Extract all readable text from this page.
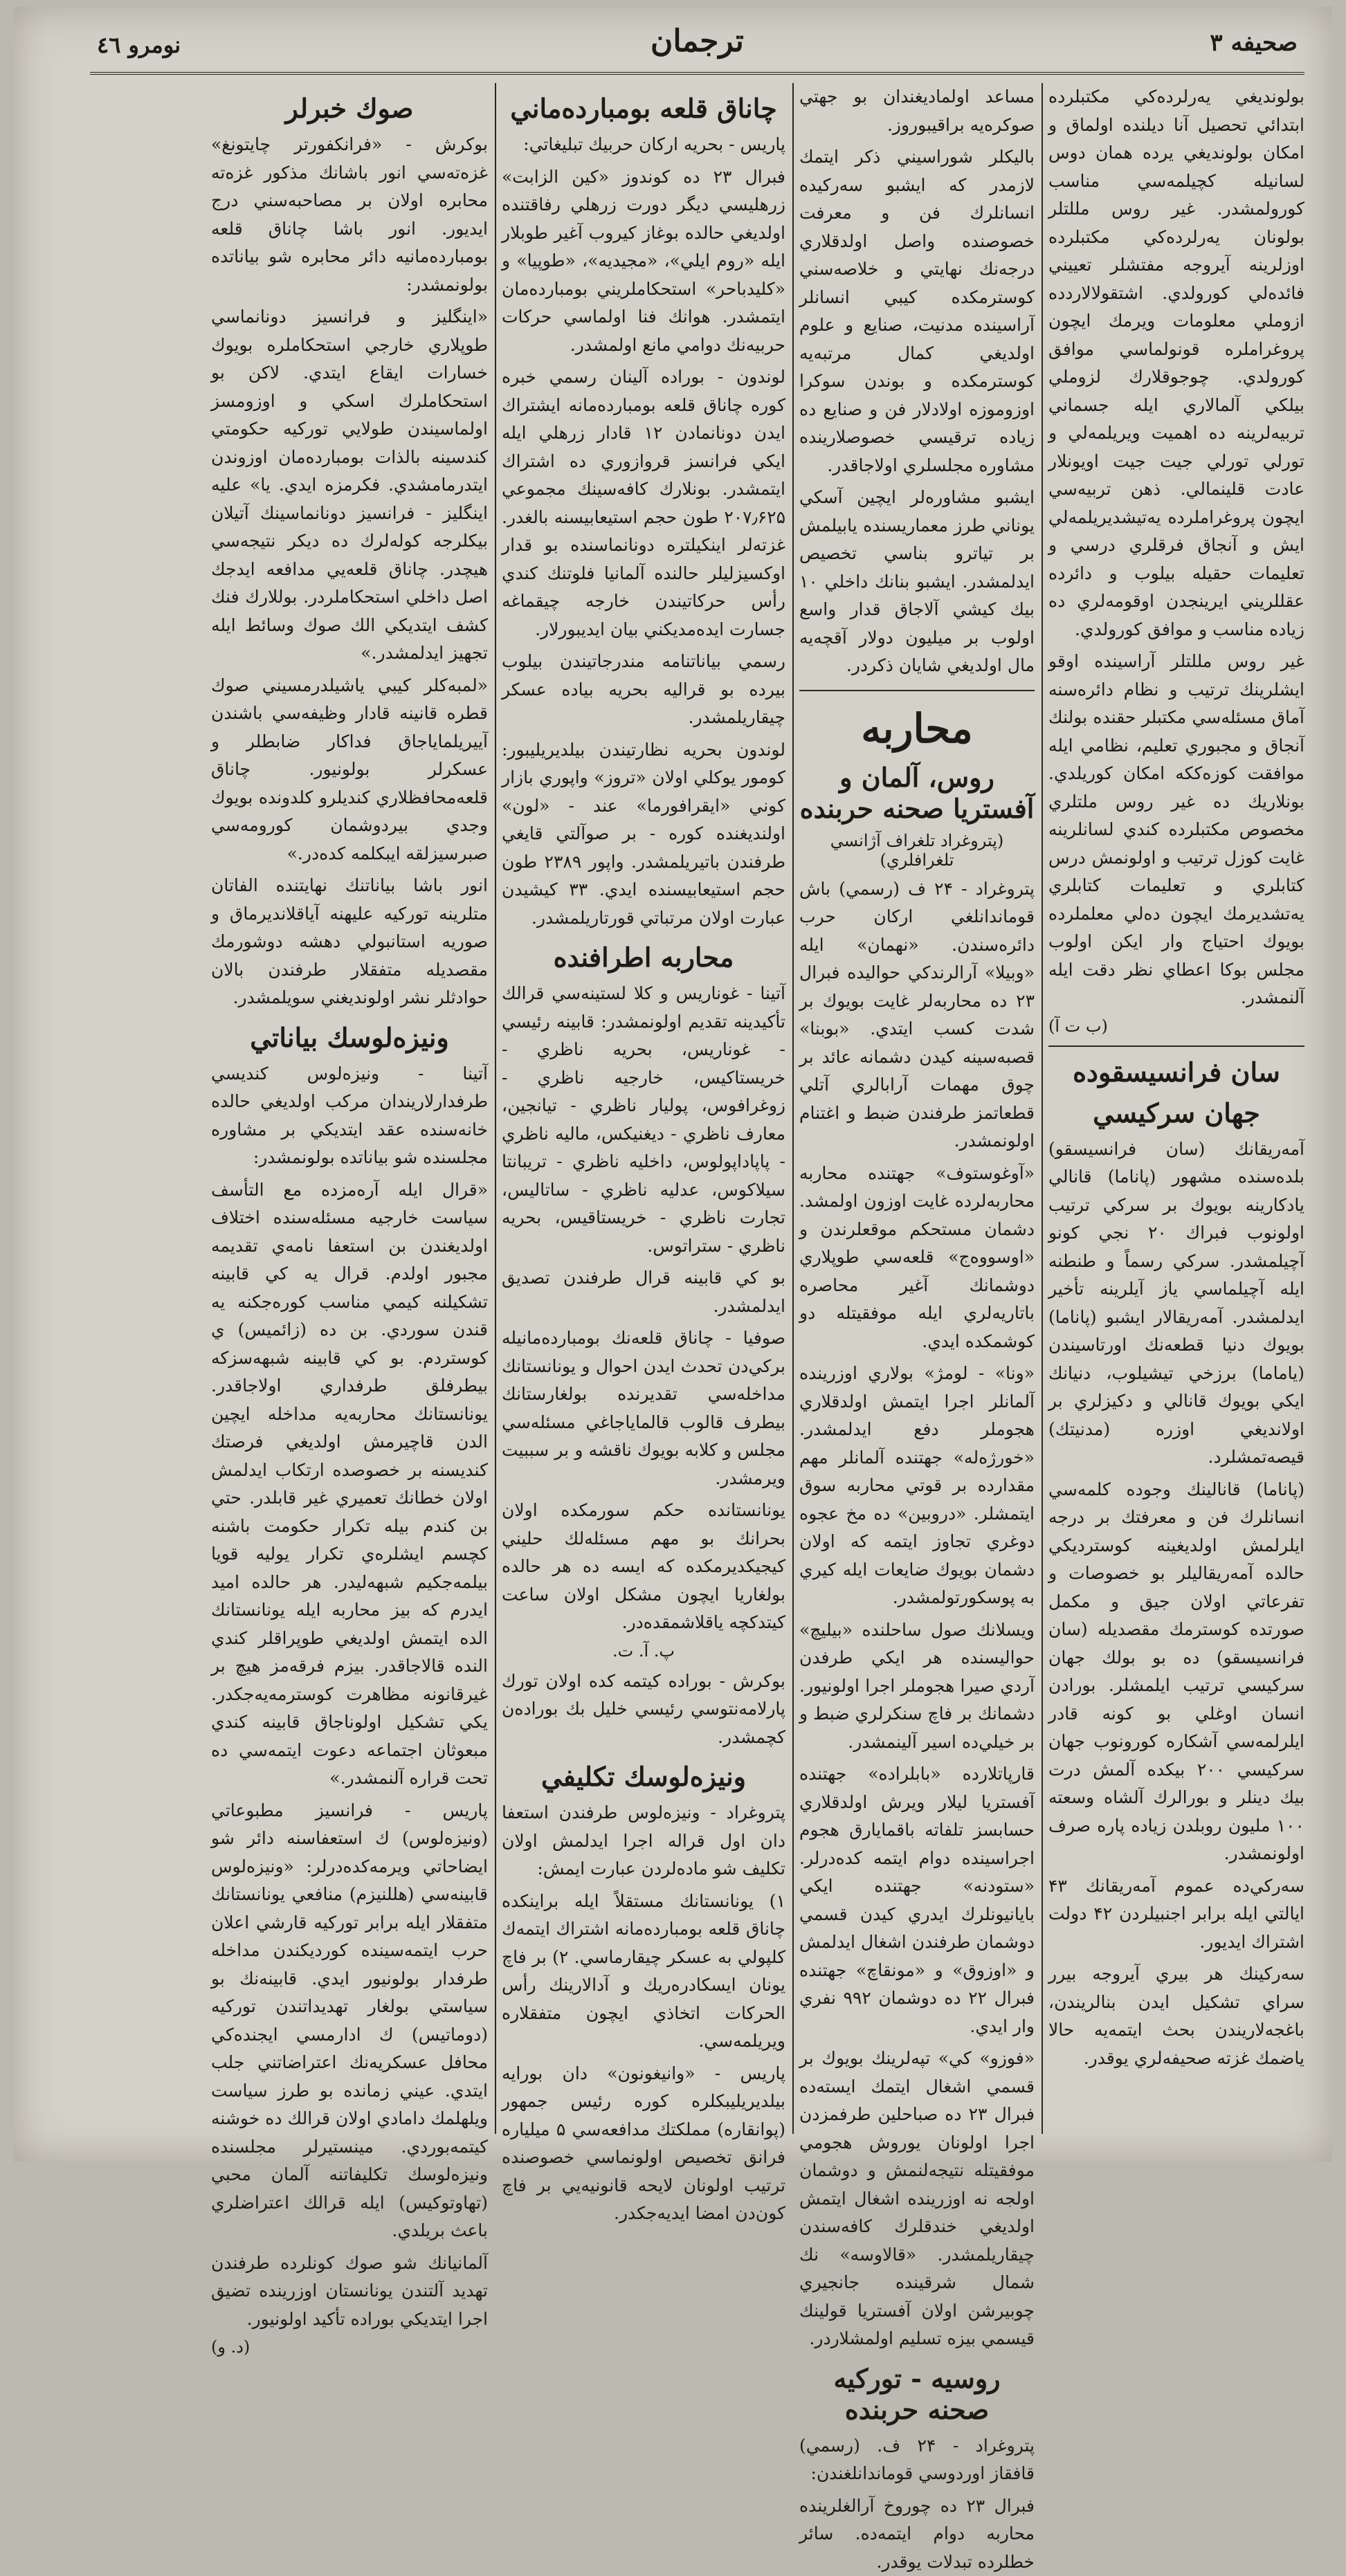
صحيفه ٣
ترجمان
نومرو ٤٦

بولونديغي يه‌رلرده‌كي مكتبلرده ابتدائي تحصيل آنا ديلنده اولماق و امكان بولونديغي يرده همان دوس لسانيله كچيلمه‌سي مناسب كورولمشدر. غير روس مللتلر بولونان يه‌رلرده‌كي مكتبلرده اوزلرينه آيروجه مفتشلر تعييني فائده‌لي كورولدي. اشتقولالاردده ازوملي معلومات ويرمك ايچون پروغراملره قونولماسي موافق كورولدي. چوجوقلارك لزوملي بيلكي آلمالاري ايله جسماني تربيه‌لرينه ده اهميت ويريلمه‌لي و تورلي تورلي جيت جيت اويونلار عادت قلينمالي. ذهن تربيه‌سي ايچون پروغراملرده يه‌تيشديريلمه‌لي ايش و آنجاق فرقلري درسي و تعليمات حقيله بيلوب و دائرده عقللريني ايرينجدن اوقومه‌لري ده زياده مناسب و موافق كورولدي.

غير روس مللتلر آراسينده اوقو ايشلرينك ترتيب و نظام دائره‌سنه آماق مسئله‌سي مكتبلر حقنده بولنك آنجاق و مجبوري تعليم، نظامي ايله موافقت كوزه‌ككه امكان كوريلدي. بونلاريك ده غير روس ملتلري مخصوص مكتبلرده كندي لسانلرينه غايت كوزل ترتيب و اولونمش درس كتابلري و تعليمات كتابلري يه‌تشديرمك ايچون ده‌لي معلملرده بويوك احتياج وار ايكن اولوب مجلس بوكا اعطاي نظر دقت ايله آلنمشدر.

(ب ت آ)
سان فرانسيسقوده
جهان سركيسي

آمه‌ريقانك (سان فرانسيسقو) بلده‌سنده مشهور (پاناما) قانالي يادكارينه بويوك بر سركي ترتيب اولونوب فبراك ٢٠ نجي كونو آچيلمشدر. سركي رسماً و طنطنه ايله آچيلماسي ياز آيلرينه تأخير ايدلمشدر. آمه‌ريقالار ايشبو (پاناما) بويوك دنيا قطعه‌نك اورتاسيندن (ياماما) برزخي تيشيلوب، دنيانك ايكي بويوك قانالي و دكيزلري بر اولانديغي اوزره (مدنيتك) قيصه‌تمشلرد.

(پاناما) قانالينك وجوده كلمه‌سي انسانلرك فن و معرفتك بر درجه ايلرلمش اولديغينه كوسترديكي حالده آمه‌ريقاليلر بو خصوصات و تفرعاتي اولان جيق و مكمل صورتده كوسترمك مقصديله (سان فرانسيسقو) ده بو بولك جهان سركيسي ترتيب ايلمشلر. بورادن انسان اوغلي بو كونه قادر ايلرلمه‌سي آشكاره كورونوب جهان سركيسي ۲۰۰ بيكده آلمش درت بيك دينلر و بورالرك آلشاه وسعته ۱۰۰ مليون روبلدن زياده پاره صرف اولونمشدر.

سه‌ركي‌ده عموم آمه‌ريقانك ۴۳ ايالتي ايله برابر اجنبيلردن ۴۲ دولت اشتراك ايديور.

سه‌ركينك هر بيري آيروجه بيرر سراي تشكيل ايدن بنالريندن، باغجه‌لاريندن بحث ايتمه‌يه حالا ياضمك غزته صحيفه‌لري يوقدر.

مساعد اولماديغندان بو جهتي صوكره‌يه براقيبوروز.

باليكلر شوراسيني ذكر ايتمك لازمدر كه ايشبو سه‌ركيده انسانلرك فن و معرفت خصوصنده واصل اولدقلاري درجه‌نك نهايتي و خلاصه‌سني كوسترمكده كيبي انسانلر آراسينده مدنيت، صنايع و علوم اولديغي كمال مرتبه‌يه كوسترمكده و بوندن سوكرا اوزوموزه اولادلار فن و صنايع ده زياده ترقيسي خصوصلارينده مشاوره مجلسلري اولاجاقدر.

ايشبو مشاوره‌لر ايچين آسكي يوناني طرز معماريسنده يابيلمش بر تياترو بناسي تخصيص ايدلمشدر. ايشبو بنانك داخلي ۱۰ بيك كيشي آلاجاق قدار واسع اولوب بر ميليون دولار آقچه‌يه مال اولديغي شايان ذكردر.

محاربه
روس، آلمان و آفستريا صحنه حربنده
(پتروغراد تلغراف آژانسي تلغرافلري)

پتروغراد - ۲۴ ف (رسمي) باش قوماندانلغي اركان حرب دائره‌سندن. «نهمان» ايله «وبيلا» آرالرندكي حواليده فبرال ۲۳ ده محاربه‌لر غايت بويوك بر شدت كسب ايتدي. «بوبنا» قصبه‌سينه كيدن دشمانه عائد بر چوق مهمات آرابالري آتلي قطعاتمز طرفندن ضبط و اغتنام اولونمشدر.

«آوغوستوف» جهتنده محاربه محاربه‌لرده غايت اوزون اولمشد. دشمان مستحكم موقعلرندن و «اوسووه‌ج» قلعه‌سي طوپلاري دوشمانك آغير محاصره باتاريه‌لري ايله موفقيتله دو كوشمكده ايدي.

«ونا» - لومژ» بولاري اوزرينده آلمانلر اجرا ايتمش اولدقلاري هجوملر دفع ايدلمشدر. «خورژه‌له» جهتنده آلمانلر مهم مقدارده بر قوتي محاربه سوق ايتمشلر. «دروبين» ده مخ عجوه دوغري تجاوز ايتمه كه اولان دشمان بويوك ضايعات ايله كيري به پوسكورتولمشدر.

ويسلانك صول ساحلنده «بيليچ» حواليسنده هر ايكي طرفدن آردي صيرا هجوملر اجرا اولونيور. دشمانك بر فاچ سنكرلري ضبط و بر خيلي‌ده اسير آلينمشدر.

قارپاتلارده «بابلراده» جهتنده آفستريا ليلار ويرش اولدقلاري حسابسز تلفاته باقمايارق هجوم اجراسينده دوام ايتمه كده‌درلر. «ستودنه» جهتنده ايكي بايانيونلرك ايدري كيدن قسمي دوشمان طرفندن اشغال ايدلمش و «اوزوق» و «مونقاچ» جهتنده فبرال ۲۲ ده دوشمان ۹۹۲ نفري وار ايدي.

«فوزو» كي» تپه‌لرينك بويوك بر قسمي اشغال ايتمك ايسته‌ده فبرال ۲۳ ده صباحلين طرفمزدن اجرا اولونان يوروش هجومي موفقيتله نتيجه‌لنمش و دوشمان اولجه نه اوزرينده اشغال ايتمش اولديغي خندقلرك كافه‌سندن چيقاريلمشدر. «قالاوسه» نك شمال شرقينده جانجيري چوبيرشن اولان آفستريا قولينك قيسمي بيزه تسليم اولمشلاردر.

روسيه - توركيه صحنه حربنده

پتروغراد - ۲۴ ف. (رسمي) قافقاز اوردوسي قوماندانلغندن:

فبرال ۲۳ ده چوروخ آرالغلرينده محار‌به دوام ايتمه‌ده. سائر خطلرده تبدلات يوقدر.

چاناق قلعه بومبارده‌ماني

پاريس - بحريه اركان حربيك تبليغاتي:

فبرال ۲۳ ده كوندوز «كين الزابت» زرهليسي ديگر دورت زرهلي رفاقتنده اولديغي حالده بوغاز كيروب آغير طوبلار ايله «روم ايلي»، «مجيديه»، «طوپيا» و «كليدباحر» استحكاملريني بومبارده‌مان ايتمشدر. هوانك فنا اولماسي حركات حربيه‌نك دوامي مانع اولمشدر.

لوندون - بوراده آلينان رسمي خبره كوره چاناق قلعه بومبارده‌مانه ايشتراك ايدن دونانمادن ۱۲ قادار زرهلي ايله ايكي فرانسز قروازوري ده اشتراك ايتمشدر. بونلارك كافه‌سينك مجموعي ۲۰۷٫۶۲۵ طون حجم استيعابيسنه بالغدر. غزته‌لر اينكيلتره دونانماسنده بو قدار اوكسيزليلر حالنده آلمانيا فلوتنك كندي رأس حركاتيندن خارجه چيقماغه جسارت ايده‌مديكني بيان ايديبورلار.

رسمي بياناتنامه مندرجاتيندن بيلوب بيرده بو قراليه بحريه بياده عسكر چيقاريلمشدر.

لوندون بحريه نظارتيندن بيلديريليبور: كومور يوكلي اولان «تروز» واپوري بازار كوني «ايقرافورما» عند - «لون» اولنديغنده كوره - بر صوآلتي قايغي طرفندن باتيريلمشدر. واپور ۲۳۸۹ طون حجم استيعابيسنده ايدي. ۳۳ كيشيدن عبارت اولان مرتباتي قورتاريلمشدر.

محاربه اطرافنده

آتينا - غوناريس و كلا لستينه‌سي قرالك تأكيدينه تقديم اولونمشدر: قابينه رئيسي - غوناريس، بحريه ناظري - خريستاكيس، خارجيه ناظري - زوغرافوس، پوليار ناظري - تيانجين، معارف ناظري - ديغنيكس، ماليه ناظري - پاپاداپولوس، داخليه ناظري - تريبانتا سيلاكوس، عدليه ناظري - ساتاليس، تجارت ناظري - خريستاقيس، بحريه ناظري - ستراتوس.

بو كي قابينه قرال طرفندن تصديق ايدلمشدر.

صوفيا - چاناق قلعه‌نك بومبارده‌مانيله بركي‌دن تحدث ايدن احوال و يونانستانك مداخله‌سي تقديرنده بولغارستانك بيطرف قالوب قالماياجاغي مسئله‌سي مجلس و كلابه بويوك ناقشه و بر سببيت ويرمشدر.

يونانستانده حكم سورمكده اولان بحرانك بو مهم مسئله‌لك حليني كيجيكديرمكده كه ايسه ده هر حالده بولغاريا ايچون مشكل اولان ساعت كيتدكچه ياقلاشمقده‌در.

پ. آ. ت.

بوكرش - بوراده كيتمه كده اولان تورك پارلامه‌نتوسي رئيسي خليل بك بوراده‌ن كچمشدر.

ونيزه‌لوسك تكليفي

پتروغراد - ونيزه‌لوس طرفندن استعفا دان اول قراله اجرا ايدلمش اولان تكليف شو ماده‌لردن عبارت ايمش:

۱) يونانستانك مستقلاً ايله براينكده چاناق قلعه بومبارده‌مانه اشتراك ايتمه‌ك كلپولي به عسكر چيقارماسي. ۲) بر فاچ يونان ايسكادره‌ريك و آدالارينك رأس الحركات اتخاذي ايچون متفقلاره ويريلمه‌سي.

پاريس - «وانيغونون» دان بورايه بيلديريليبكلره كوره رئيس جمهور (پوانقاره) مملكتك مدافعه‌سي ۵ ميلياره فرانق تخصيص اولونماسي خصوصنده ترتيب اولونان لايحه قانونيه‌يي بر فاچ كون‌دن امضا ايديه‌جكدر.

صوك خبرلر

بوكرش - «فرانكفورتر چايتونغ» غزه‌ته‌سي انور باشانك مذكور غزه‌ته محابره اولان بر مصاحبه‌سني درج ايديور. انور باشا چاناق قلعه بومبارده‌مانيه دائر محابره شو بياناتده بولونمشدر:

«اينگليز و فرانسيز دونانماسي طوپلاري خارجي استحكاملره بويوك خسارات ايقاع ايتدي. لاكن بو استحكاملرك اسكي و اوزومسز اولماسيندن طولايي توركيه حكومتي كندسينه بالذات بومبارده‌مان اوزوندن ايتدرمامشدي. فكرمزه ايدي. يا» عليه اينگليز - فرانسيز دونانماسينك آتيلان بيكلرجه كوله‌لرك ده ديكر نتيجه‌سي هيچدر. چاناق قلعه‌يي مدافعه ايدجك اصل داخلي استحكاملردر. بوللارك فنك كشف ايتديكي الك صوك وسائط ايله تجهيز ايدلمشدر.»

«لمبه‌كلر كيبي ياشيلدرمسيني صوك قطره قانينه قادار وظيفه‌سي باشندن آييريلماياجاق فداكار ضابطلر و عسكرلر بولونيور. چاناق قلعه‌محافظلاري كنديلرو كلدونده بويوك وجدي بيردوشمان كورومه‌سي صبرسيزلقه ايبكلمه كده‌در.»

انور باشا بياناتنك نهايتنده الفاتان متلرينه توركيه عليهنه آياقلانديرماق و صوريه استانبولي دهشه دوشورمك مقصديله متفقلار طرفندن بالان حوادثلر نشر اولونديغني سويلمشدر.

ونيزه‌لوسك بياناتي

آتينا - ونيزه‌لوس كنديسي طرفدارلاريندان مرکب اولديغي حالده خانه‌سنده عقد ايتديكي بر مشاوره مجلسنده شو بياناتده بولونمشدر:

«قرال ايله آره‌مزده مع التأسف سياست خارجيه مسئله‌سنده اختلاف اولديغندن بن استعفا نامه‌ي تقديمه مجبور اولدم. قرال يه كي قابينه تشكيلنه كيمي مناسب كوره‌جكنه يه قندن سوردي. بن ده (زائميس) ي كوستردم. بو كي قابينه شبهه‌سزكه بيطرفلق طرفداري اولاجاقدر. يونانستانك محاربه‌يه مداخله ايچين الدن قاچيرمش اولديغي فرصتك كنديسنه بر خصوصده ارتكاب ايدلمش اولان خطانك تعميري غير قابلدر. حتي بن كندم بيله تكرار حكومت باشنه كچسم ايشلره‌ي تكرار يوليه قويا بيلمه‌جكيم شبهه‌ليدر. هر حالده اميد ايدرم كه بيز محاربه ايله يونانستانك الده ايتمش اولديغي طوپراقلر كندي النده قالاجاقدر. بيزم فرقه‌مز هيچ بر غيرقانونه مظاهرت كوسترمه‌يه‌جكدر. يكي تشكيل اولوناجاق قابينه كندي مبعوثان اجتماعه دعوت ايتمه‌سي ده تحت قراره آلنمشدر.»

پاريس - فرانسيز مطبوعاتي (ونيزه‌لوس) ك استعفاسنه دائر شو ايضاحاتي ويرمه‌كده‌درلر: «ونيزه‌لوس قابينه‌سي (هللنيزم) منافعي يونانستانك متفقلار ايله برابر توركيه قارشي اعلان حرب ايتمه‌سينده كورديكندن مداخله طرفدار بولونيور ايدي. قابينه‌نك بو سياستي بولغار تهديداتندن توركيه (دوماتيس) ك ادارمسي ايجنده‌كي محافل عسكريه‌نك اعتراضاتني جلب ايتدي. عيني زمانده بو طرز سياست ويلهلمك دامادي اولان قرالك ده خوشنه كيتمه‌بوردي. مينستيرلر مجلسنده ونيزه‌لوسك تكليفاتنه آلمان محبي (تهاوتوكيس) ايله قرالك اعتراضلري باعث بريلدي.

آلمانيانك شو صوك كونلرده طرفندن تهديد آلتندن يونانستان اوزرينده تضيق اجرا ايتديكي بوراده تأكيد اولونيور.

(د. و)
